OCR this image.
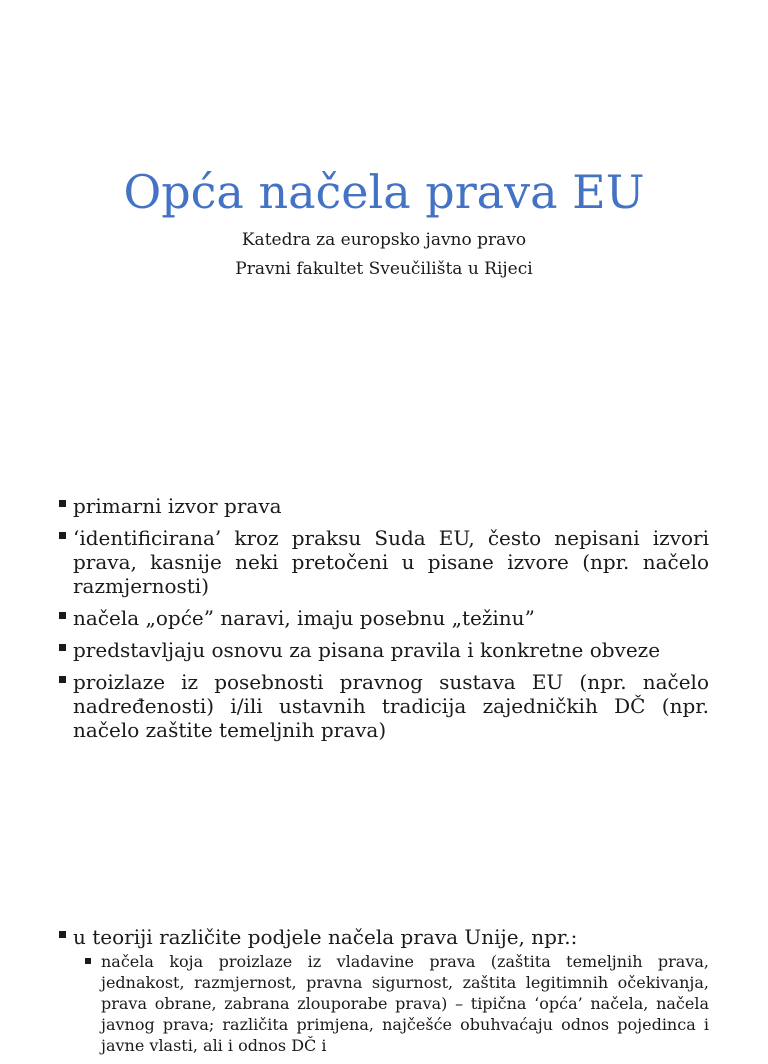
Opća načela prava EU
Katedra za europsko javno pravo
Pravni fakultet Sveučilišta u Rijeci
primarni izvor prava
‘identificirana’ kroz praksu Suda EU, često nepisani izvori prava, kasnije neki pretočeni u pisane izvore (npr. načelo razmjernosti)
načela „opće” naravi, imaju posebnu „težinu”
predstavljaju osnovu za pisana pravila i konkretne obveze
proizlaze iz posebnosti pravnog sustava EU (npr. načelo nadređenosti) i/ili ustavnih tradicija zajedničkih DČ (npr. načelo zaštite temeljnih prava)
u teoriji različite podjele načela prava Unije, npr.:
načela koja proizlaze iz vladavine prava (zaštita temeljnih prava, jednakost, razmjernost, pravna sigurnost, zaštita legitimnih očekivanja, prava obrane, zabrana zlouporabe prava) – tipična ‘opća’ načela, načela javnog prava; različita primjena, najčešće obuhvaćaju odnos pojedinca i javne vlasti, ali i odnos DČ i
